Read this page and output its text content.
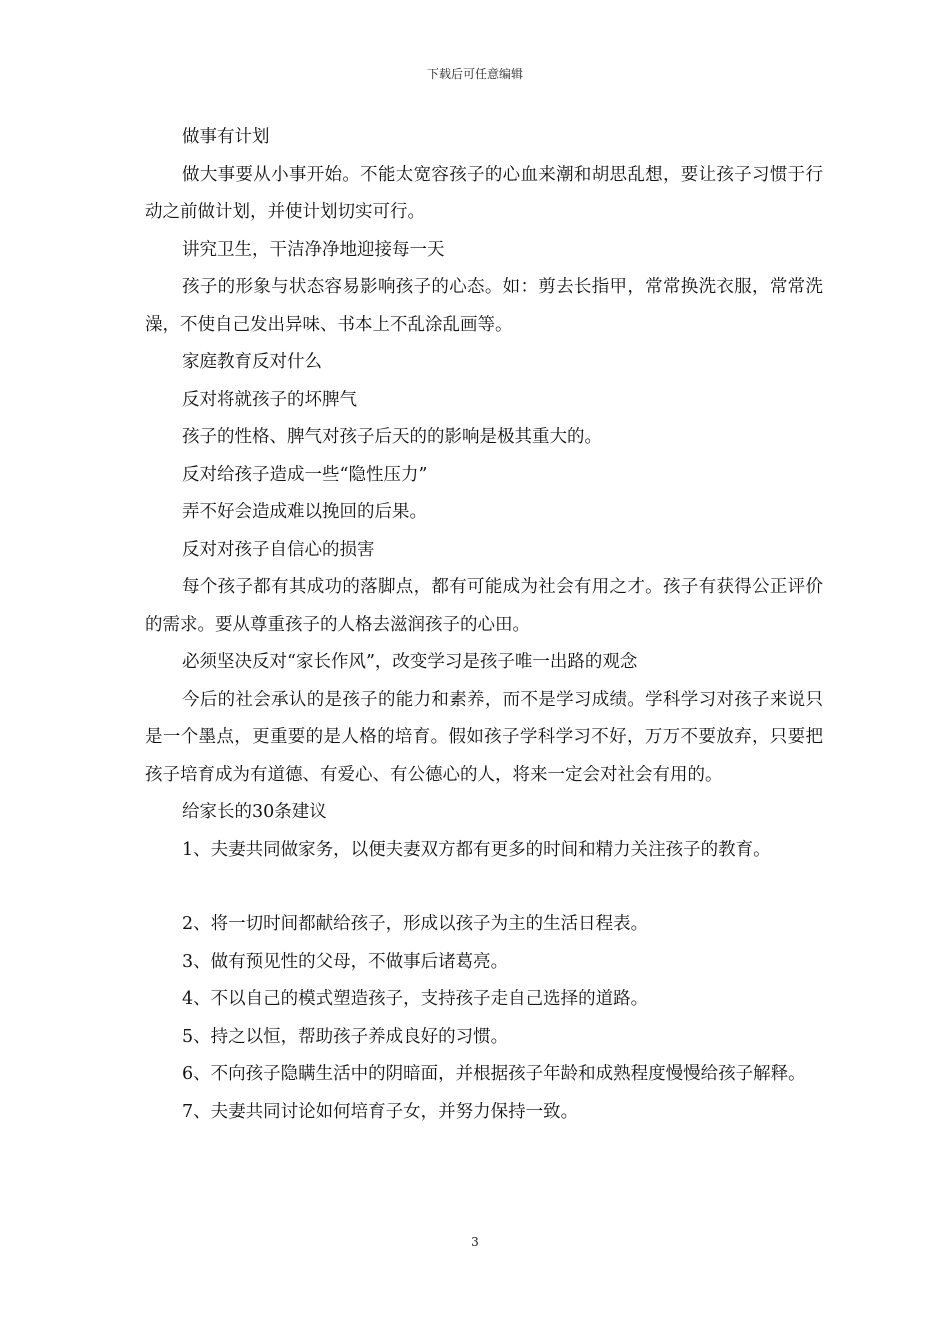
下载后可任意编辑

做事有计划

做大事要从小事开始。不能太宽容孩子的心血来潮和胡思乱想，要让孩子习惯于行动之前做计划，并使计划切实可行。

讲究卫生，干洁净净地迎接每一天

孩子的形象与状态容易影响孩子的心态。如：剪去长指甲，常常换洗衣服，常常洗澡，不使自己发出异味、书本上不乱涂乱画等。

家庭教育反对什么

反对将就孩子的坏脾气

孩子的性格、脾气对孩子后天的的影响是极其重大的。

反对给孩子造成一些“隐性压力”

弄不好会造成难以挽回的后果。

反对对孩子自信心的损害

每个孩子都有其成功的落脚点，都有可能成为社会有用之才。孩子有获得公正评价的需求。要从尊重孩子的人格去滋润孩子的心田。

必须坚决反对“家长作风”，改变学习是孩子唯一出路的观念

今后的社会承认的是孩子的能力和素养，而不是学习成绩。学科学习对孩子来说只是一个墨点，更重要的是人格的培育。假如孩子学科学习不好，万万不要放弃，只要把孩子培育成为有道德、有爱心、有公德心的人，将来一定会对社会有用的。

给家长的30条建议

1、夫妻共同做家务，以便夫妻双方都有更多的时间和精力关注孩子的教育。

2、将一切时间都献给孩子，形成以孩子为主的生活日程表。

3、做有预见性的父母，不做事后诸葛亮。

4、不以自己的模式塑造孩子，支持孩子走自己选择的道路。

5、持之以恒，帮助孩子养成良好的习惯。

6、不向孩子隐瞒生活中的阴暗面，并根据孩子年龄和成熟程度慢慢给孩子解释。

7、夫妻共同讨论如何培育子女，并努力保持一致。

3
